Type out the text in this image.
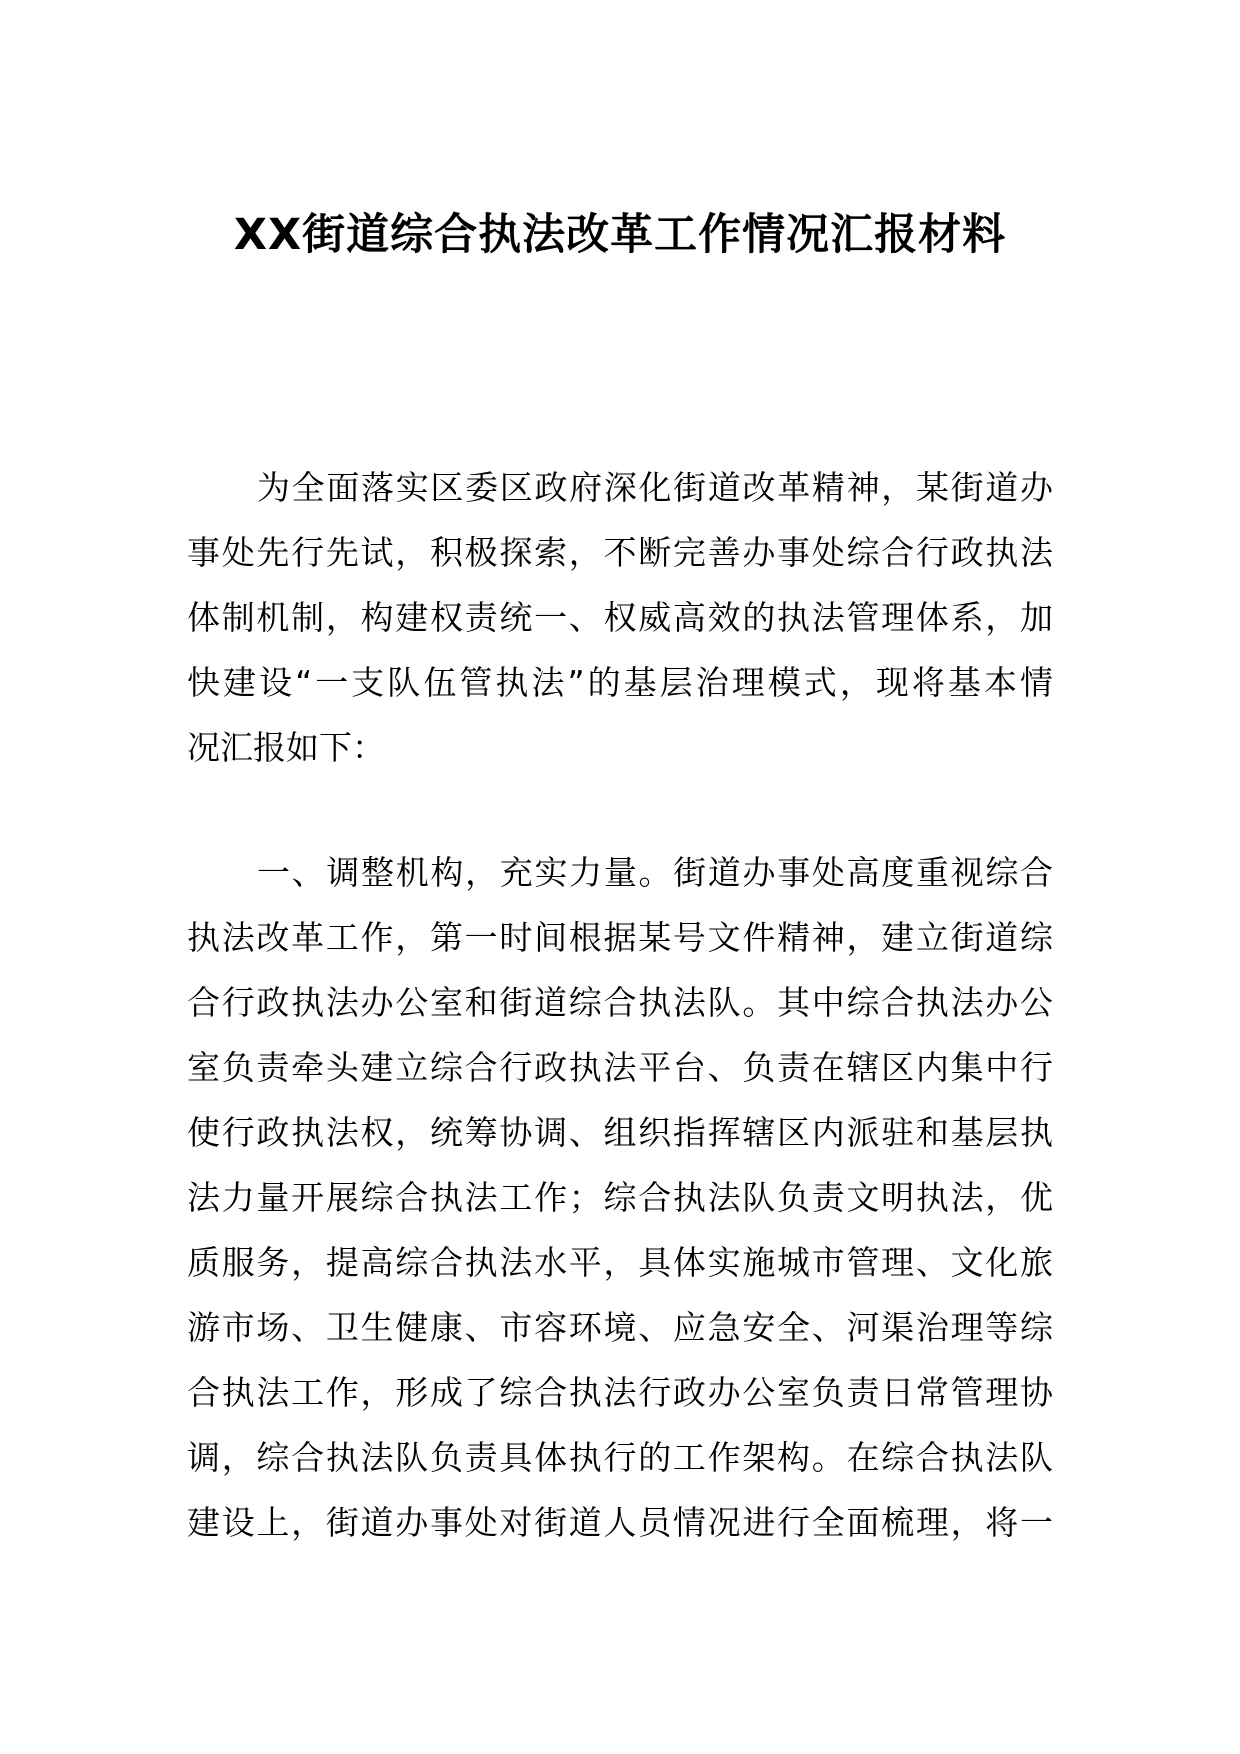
XX街道综合执法改革工作情况汇报材料
为全面落实区委区政府深化街道改革精神，某街道办
事处先行先试，积极探索，不断完善办事处综合行政执法
体制机制，构建权责统一、权威高效的执法管理体系，加
快建设“一支队伍管执法”的基层治理模式，现将基本情
况汇报如下：
一、调整机构，充实力量。街道办事处高度重视综合
执法改革工作，第一时间根据某号文件精神，建立街道综
合行政执法办公室和街道综合执法队。其中综合执法办公
室负责牵头建立综合行政执法平台、负责在辖区内集中行
使行政执法权，统筹协调、组织指挥辖区内派驻和基层执
法力量开展综合执法工作；综合执法队负责文明执法，优
质服务，提高综合执法水平，具体实施城市管理、文化旅
游市场、卫生健康、市容环境、应急安全、河渠治理等综
合执法工作，形成了综合执法行政办公室负责日常管理协
调，综合执法队负责具体执行的工作架构。在综合执法队
建设上，街道办事处对街道人员情况进行全面梳理，将一
